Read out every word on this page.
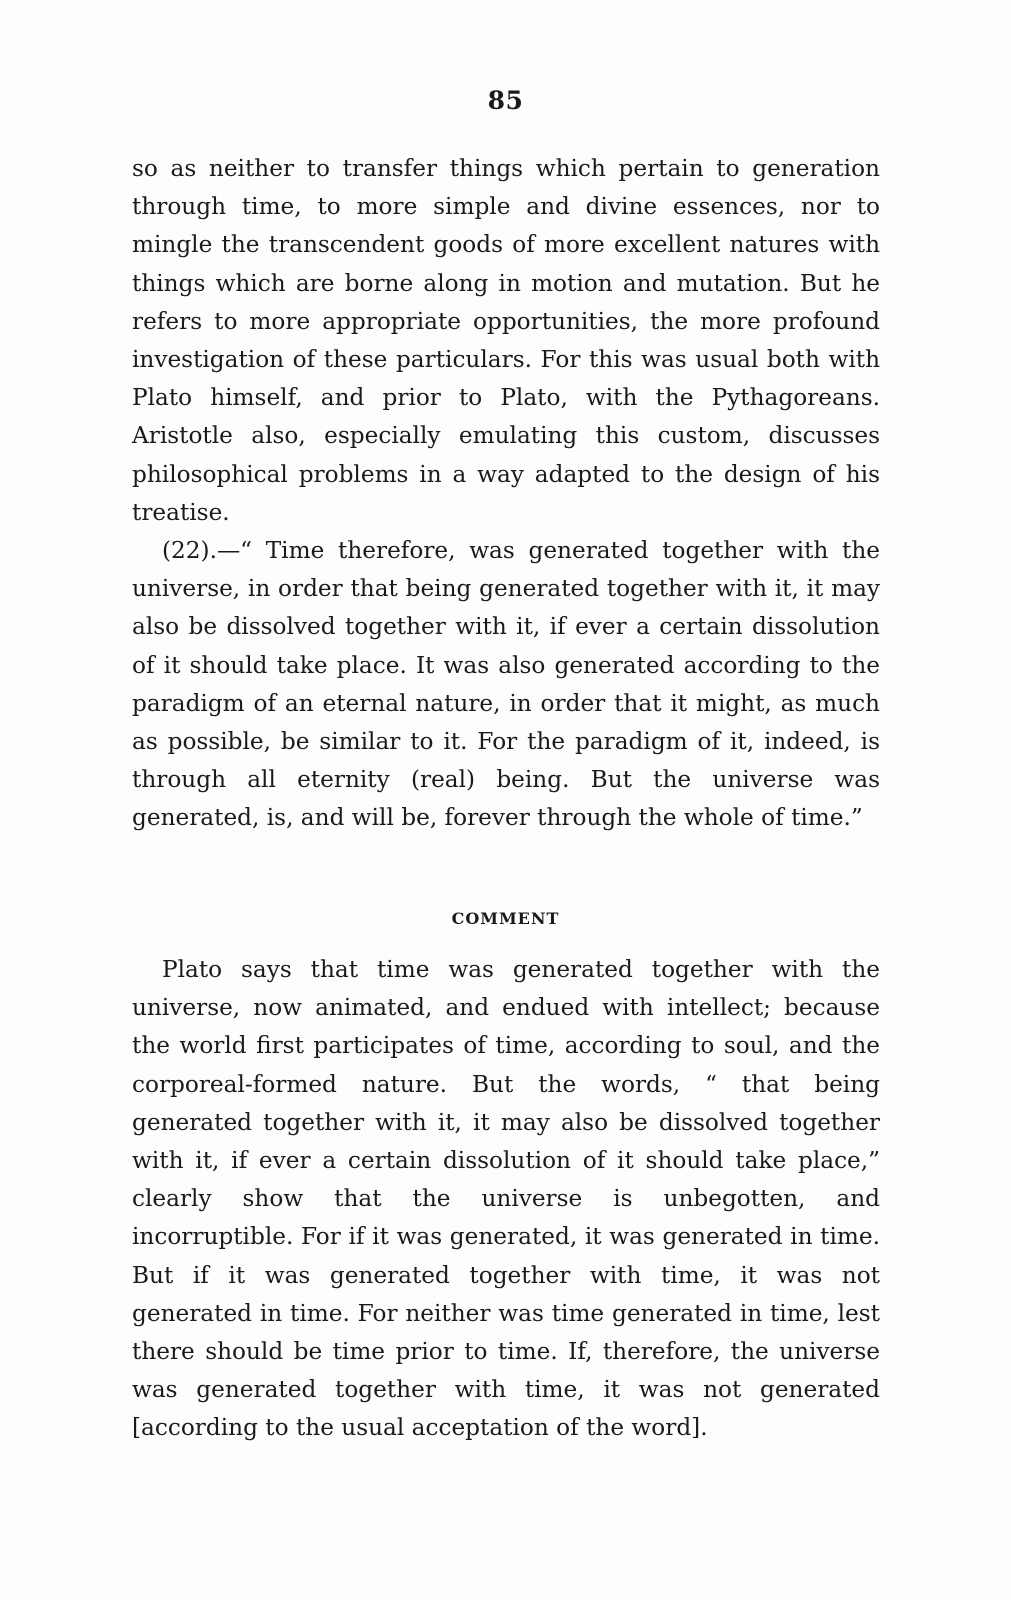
85

so as neither to transfer things which pertain to generation through time, to more simple and divine essences, nor to mingle the transcendent goods of more excellent natures with things which are borne along in motion and mutation. But he refers to more appropriate opportunities, the more profound investigation of these particulars. For this was usual both with Plato himself, and prior to Plato, with the Pythagoreans. Aristotle also, especially emulating this custom, discusses philosophical problems in a way adapted to the design of his treatise.

(22).—“ Time therefore, was generated together with the universe, in order that being generated together with it, it may also be dissolved together with it, if ever a certain dissolution of it should take place. It was also generated according to the paradigm of an eternal nature, in order that it might, as much as possible, be similar to it. For the paradigm of it, indeed, is through all eternity (real) being. But the universe was generated, is, and will be, forever through the whole of time.”

COMMENT

Plato says that time was generated together with the universe, now animated, and endued with intellect; because the world first participates of time, according to soul, and the corporeal-formed nature. But the words, “ that being generated together with it, it may also be dissolved together with it, if ever a certain dissolution of it should take place,” clearly show that the universe is unbegotten, and incorruptible. For if it was generated, it was generated in time. But if it was generated together with time, it was not generated in time. For neither was time generated in time, lest there should be time prior to time. If, therefore, the universe was generated together with time, it was not generated [according to the usual acceptation of the word].
